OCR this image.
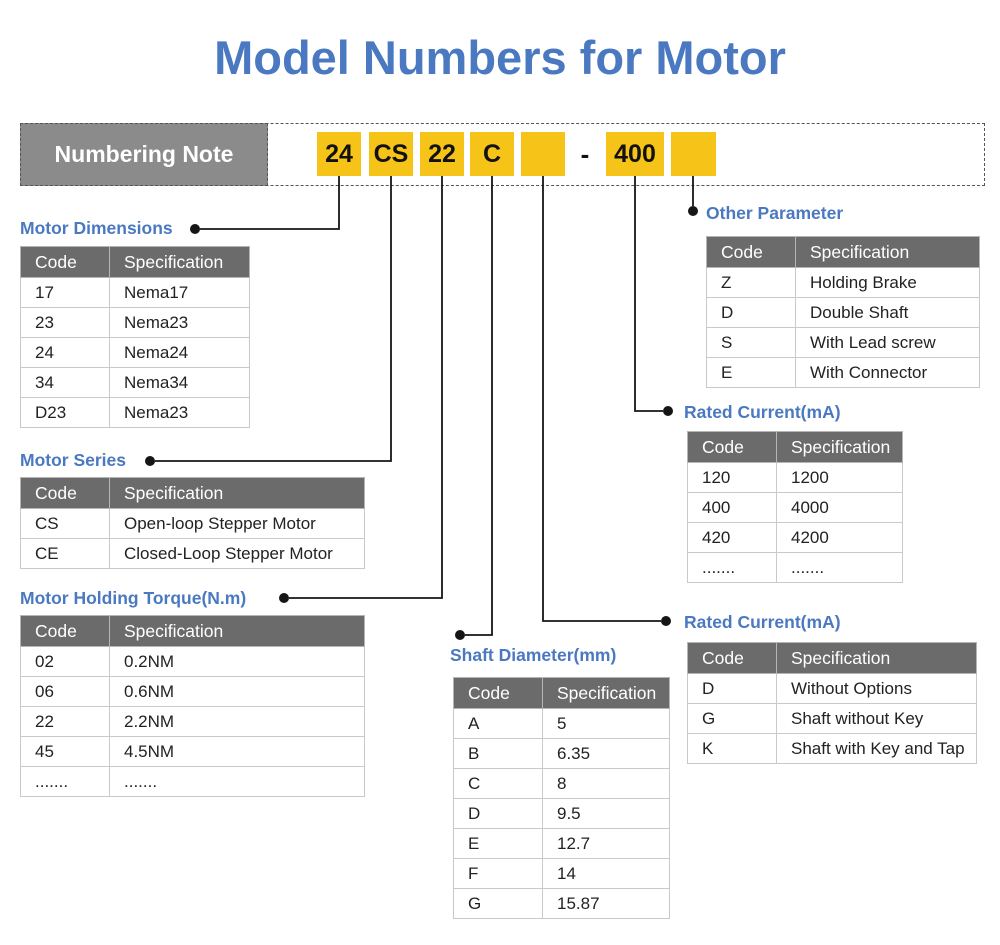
Model Numbers for Motor
Numbering Note	24 CS 22	C	- 400
Motor Dimensions
Code	Specification
17	Nema17
23	Nema23
24	Nema24
34	Nema34
D23	Nema23
Motor Series
Code	Specification
CS	Open-loop Stepper Motor
CE	Closed-Loop Stepper Motor
Motor Holding Torque(N.m)
Code	Specification
02	0.2NM
06	0.6NM
22	2.2NM
45	4.5NM
.......	.......
Shaft Diameter(mm)
Code	Specification
A	5
B	6.35
C	8
D	9.5
E	12.7
F	14
G	15.87
Other Parameter
Code	Specification
Z	Holding Brake
D	Double Shaft
S	With Lead screw
E	With Connector
Rated Current(mA)
Code	Specification
120	1200
400	4000
420	4200
.......	.......
Rated Current(mA)
Code	Specification
D	Without Options
G	Shaft without Key
K	Shaft with Key and Tap
